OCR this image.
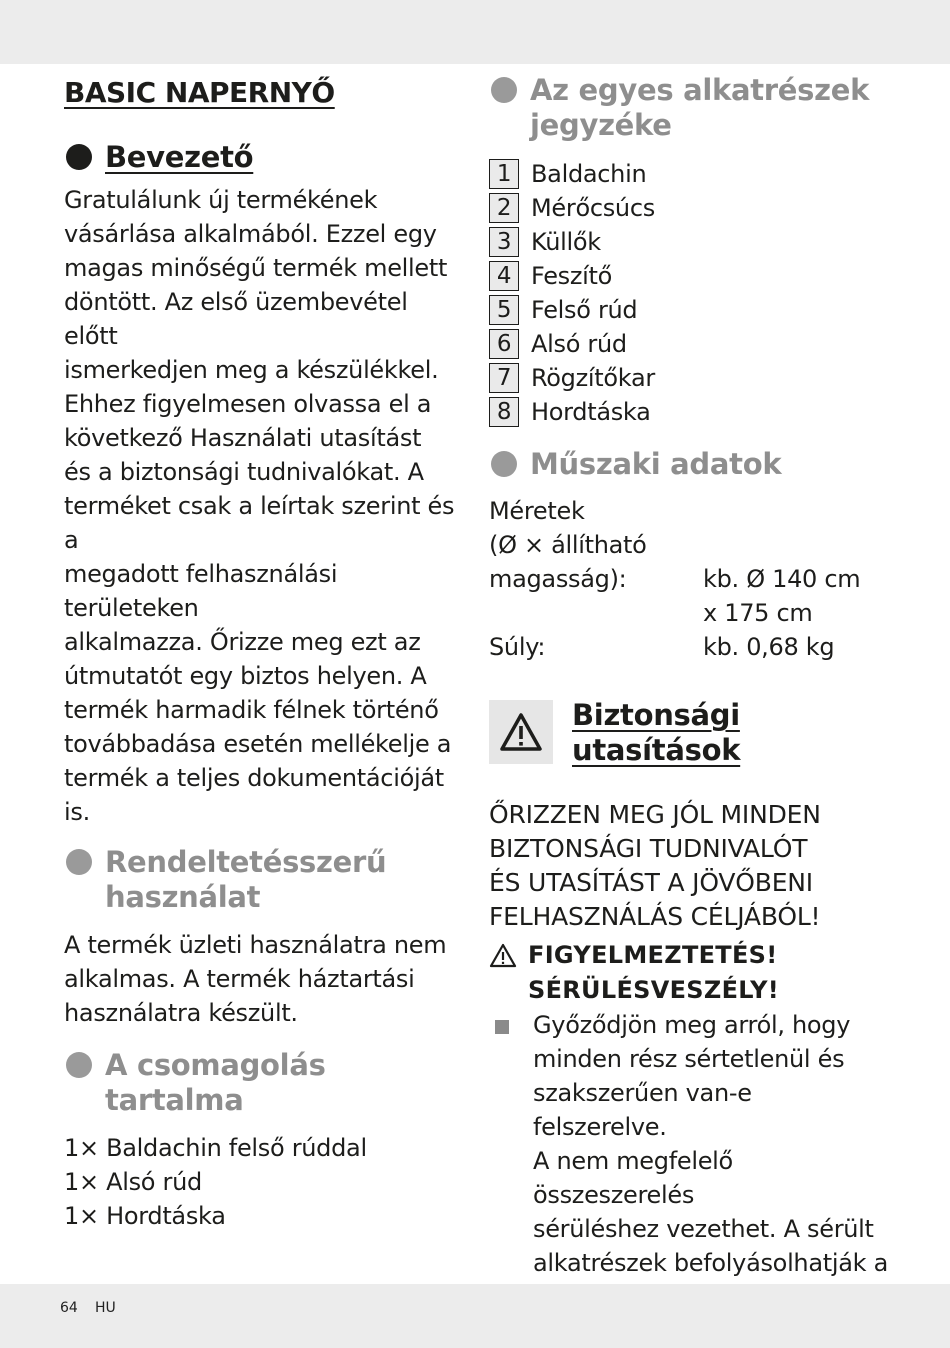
BASIC NAPERNYŐ
Bevezető
Gratulálunk új termékének
vásárlása alkalmából. Ezzel egy
magas minőségű termék mellett
döntött. Az első üzembevétel előtt
ismerkedjen meg a készülékkel.
Ehhez figyelmesen olvassa el a
következő Használati utasítást
és a biztonsági tudnivalókat. A
terméket csak a leírtak szerint és a
megadott felhasználási területeken
alkalmazza. Őrizze meg ezt az
útmutatót egy biztos helyen. A
termék harmadik félnek történő
továbbadása esetén mellékelje a
termék a teljes dokumentációját is.
Rendeltetésszerű
használat
A termék üzleti használatra nem
alkalmas. A termék háztartási
használatra készült.
A csomagolás
tartalma
1× Baldachin felső rúddal
1× Alsó rúd
1× Hordtáska
Az egyes alkatrészek
jegyzéke
1 Baldachin
2 Mérőcsúcs
3 Küllők
4 Feszítő
5 Felső rúd
6 Alsó rúd
7 Rögzítőkar
8 Hordtáska
Műszaki adatok
Méretek
(Ø × állítható
magasság):	kb. Ø 140 cm
x 175 cm
Súly:	kb. 0,68 kg
Biztonsági
utasítások
ŐRIZZEN MEG JÓL MINDEN
BIZTONSÁGI TUDNIVALÓT
ÉS UTASÍTÁST A JÖVŐBENI
FELHASZNÁLÁS CÉLJÁBÓL!
FIGYELMEZTETÉS!
SÉRÜLÉSVESZÉLY!
Győződjön meg arról, hogy
minden rész sértetlenül és
szakszerűen van-e felszerelve.
A nem megfelelő összeszerelés
sérüléshez vezethet. A sérült
alkatrészek befolyásolhatják a
64 HU
